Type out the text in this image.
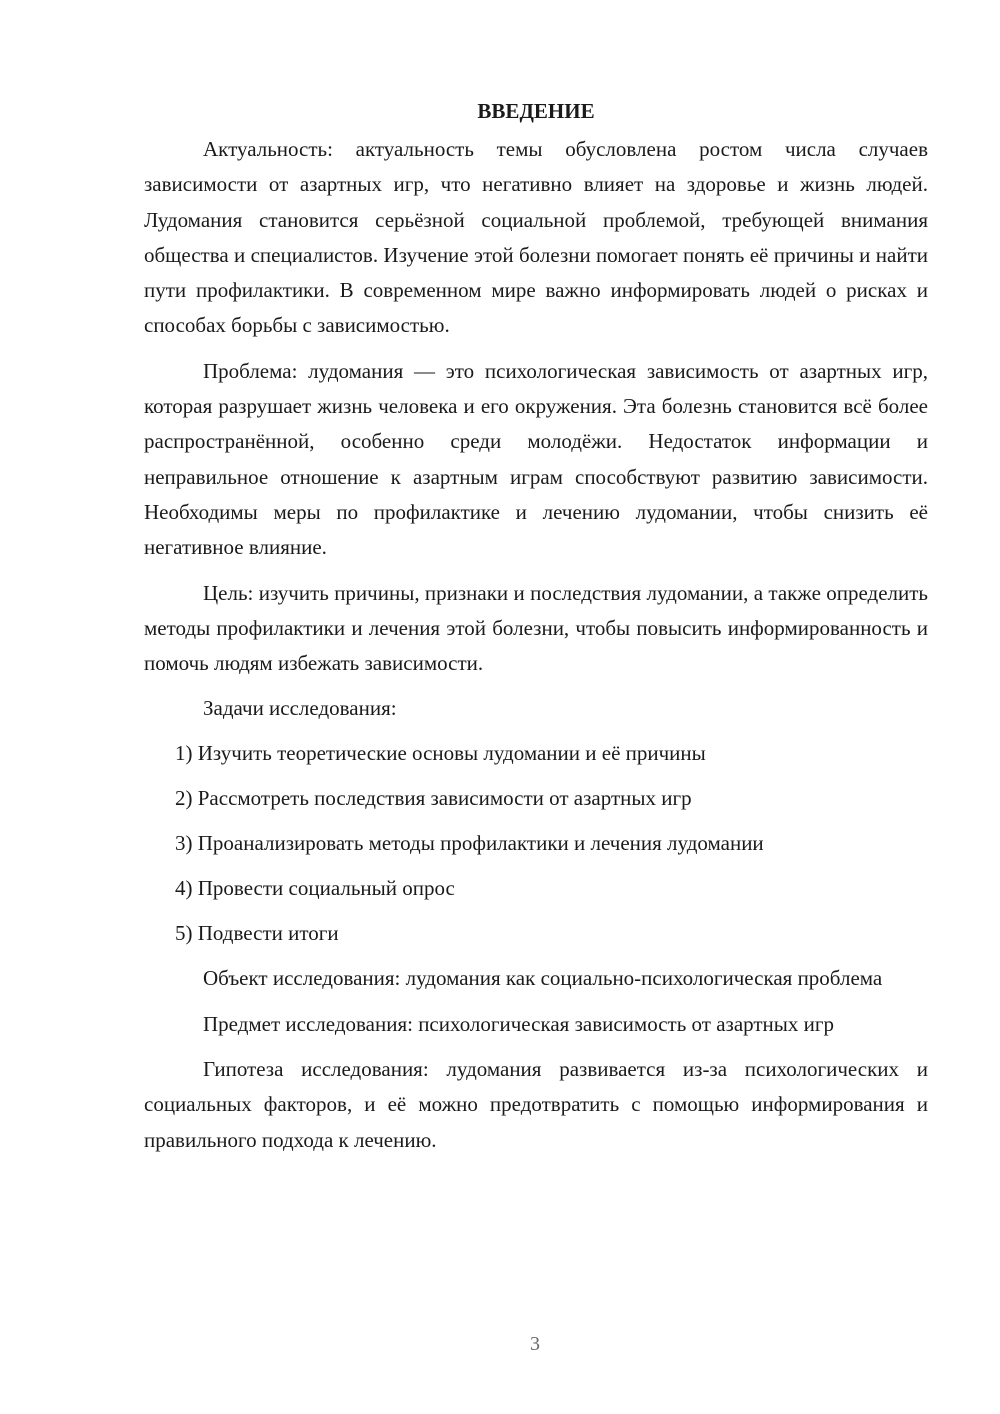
ВВЕДЕНИЕ

Актуальность: актуальность темы обусловлена ростом числа случаев зависимости от азартных игр, что негативно влияет на здоровье и жизнь людей. Лудомания становится серьёзной социальной проблемой, требующей внимания общества и специалистов. Изучение этой болезни помогает понять её причины и найти пути профилактики. В современном мире важно информировать людей о рисках и способах борьбы с зависимостью.

Проблема: лудомания — это психологическая зависимость от азартных игр, которая разрушает жизнь человека и его окружения. Эта болезнь становится всё более распространённой, особенно среди молодёжи. Недостаток информации и неправильное отношение к азартным играм способствуют развитию зависимости. Необходимы меры по профилактике и лечению лудомании, чтобы снизить её негативное влияние.

Цель: изучить причины, признаки и последствия лудомании, а также определить методы профилактики и лечения этой болезни, чтобы повысить информированность и помочь людям избежать зависимости.

Задачи исследования:

1) Изучить теоретические основы лудомании и её причины
2) Рассмотреть последствия зависимости от азартных игр
3) Проанализировать методы профилактики и лечения лудомании
4) Провести социальный опрос
5) Подвести итоги

Объект исследования: лудомания как социально-психологическая проблема

Предмет исследования: психологическая зависимость от азартных игр

Гипотеза исследования: лудомания развивается из-за психологических и социальных факторов, и её можно предотвратить с помощью информирования и правильного подхода к лечению.

3
